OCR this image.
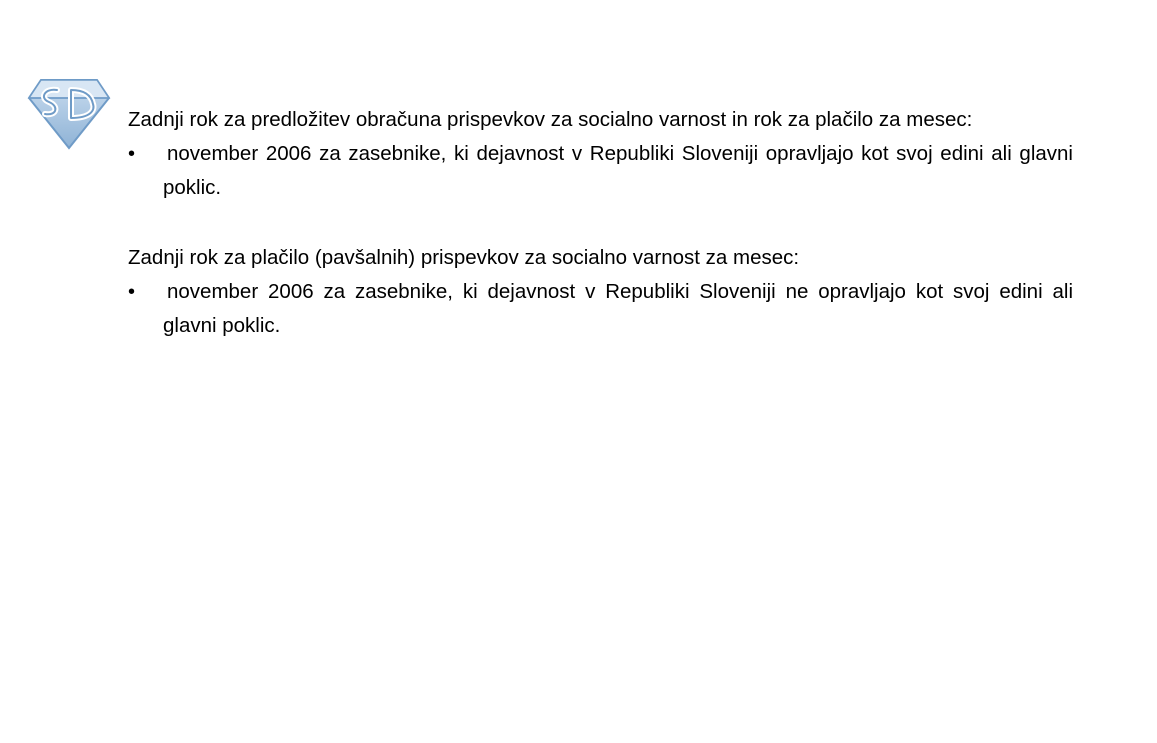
Zadnji rok za predložitev obračuna prispevkov za socialno varnost in rok za plačilo za mesec:

• november 2006 za zasebnike, ki dejavnost v Republiki Sloveniji opravljajo kot svoj edini ali glavni poklic.

Zadnji rok za plačilo (pavšalnih) prispevkov za socialno varnost za mesec:

• november 2006 za zasebnike, ki dejavnost v Republiki Sloveniji ne opravljajo kot svoj edini ali glavni poklic.
